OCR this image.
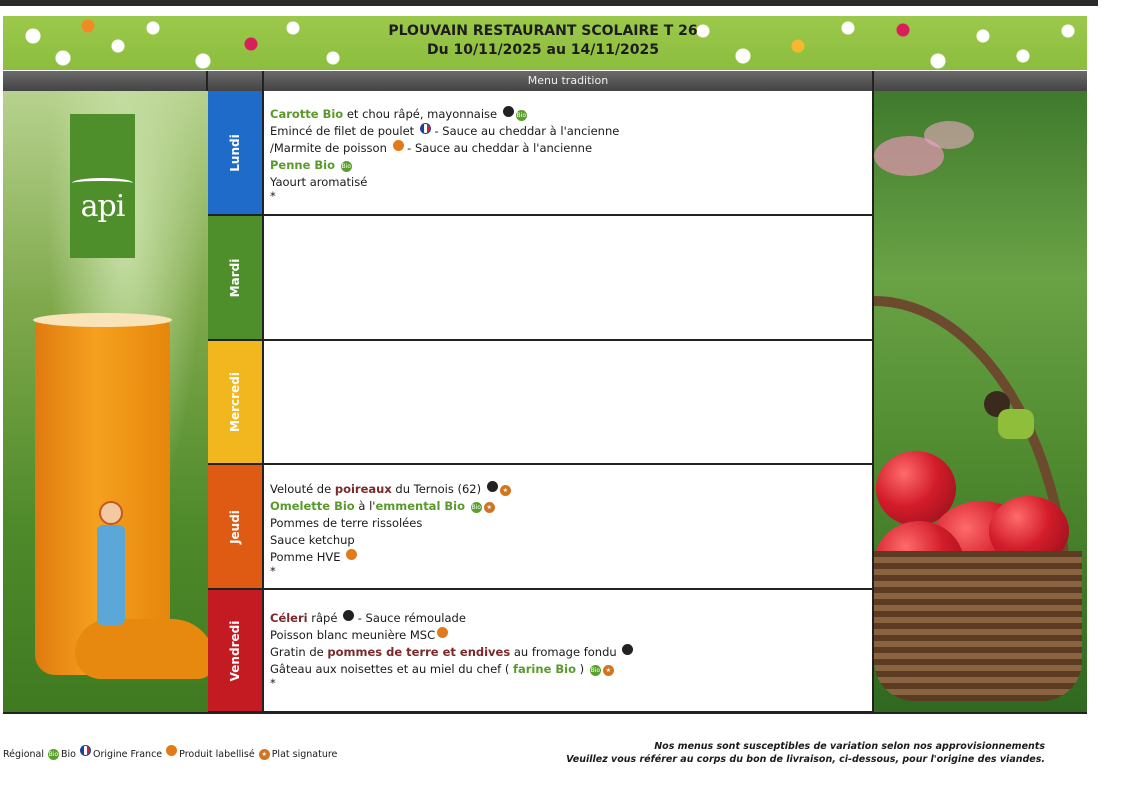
PLOUVAIN RESTAURANT SCOLAIRE T 26
Du 10/11/2025 au 14/11/2025
Menu tradition
api
Lundi
Mardi
Mercredi
Jeudi
Vendredi
Carotte Bio et chou râpé, mayonnaise	Bio
Emincé de filet de poulet  - Sauce au cheddar à l'ancienne
/Marmite de poisson  - Sauce au cheddar à l'ancienne
Penne Bio Bio
Yaourt aromatisé
*
Velouté de poireaux du Ternois (62)	★
Omelette Bio à l'emmental Bio Bio ★
Pommes de terre rissolées
Sauce ketchup
Pomme HVE
*
Céleri râpé  - Sauce rémoulade
Poisson blanc meunière MSC
Gratin de pommes de terre et endives au fromage fondu
Gâteau aux noisettes et au miel du chef ( farine Bio ) Bio ★
*
Régional Bio Bio Origine France Produit labellisé ★ Plat signature
Nos menus sont susceptibles de variation selon nos approvisionnements
Veuillez vous référer au corps du bon de livraison, ci-dessous, pour l'origine des viandes.
